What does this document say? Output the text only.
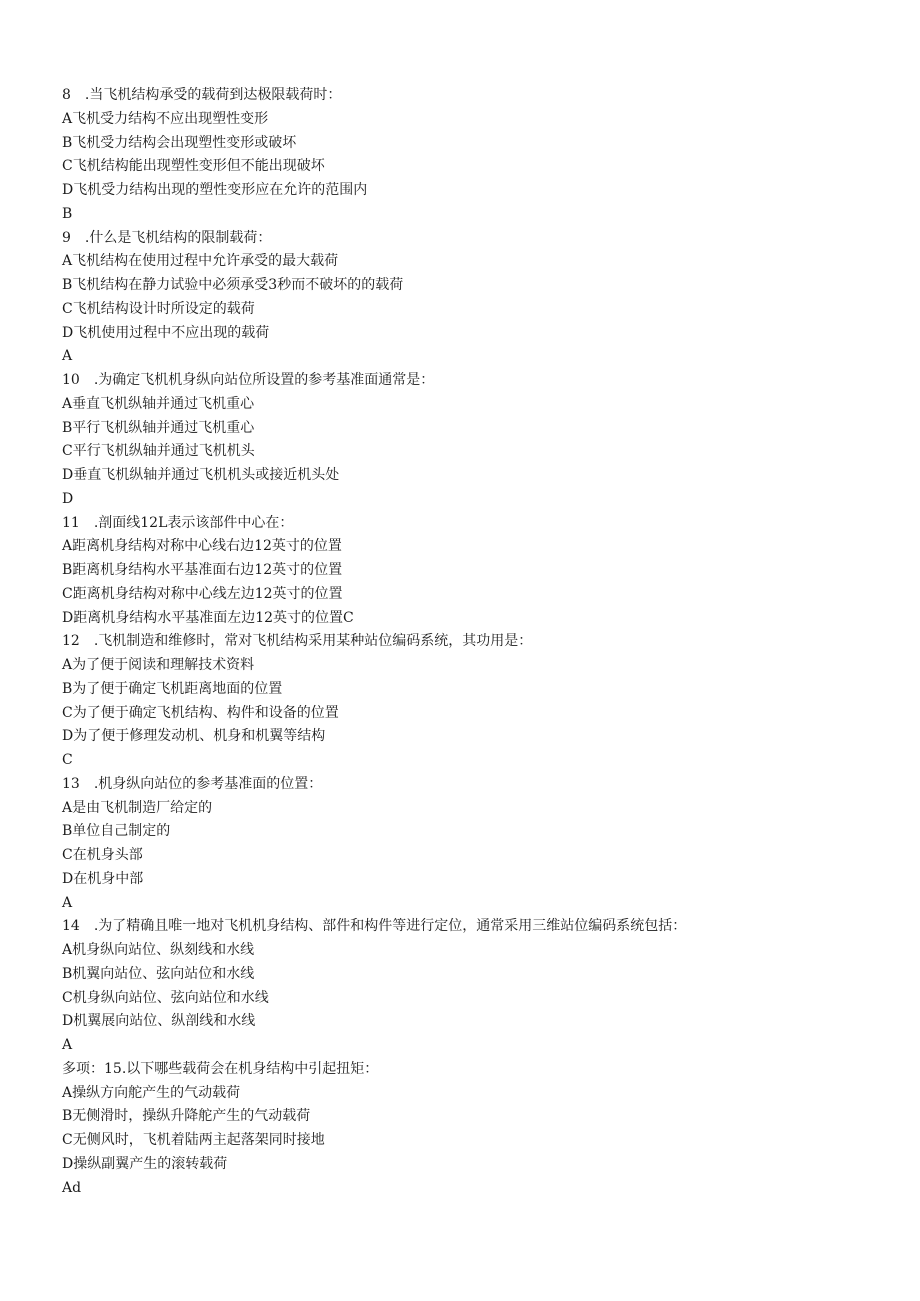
8　.当飞机结构承受的载荷到达极限载荷时：
A飞机受力结构不应出现塑性变形
B飞机受力结构会出现塑性变形或破坏
C飞机结构能出现塑性变形但不能出现破坏
D飞机受力结构出现的塑性变形应在允许的范围内
B
9　.什么是飞机结构的限制载荷：
A飞机结构在使用过程中允许承受的最大载荷
B飞机结构在静力试验中必须承受3秒而不破坏的的载荷
C飞机结构设计时所设定的载荷
D飞机使用过程中不应出现的载荷
A
10　.为确定飞机机身纵向站位所设置的参考基准面通常是：
A垂直飞机纵轴并通过飞机重心
B平行飞机纵轴并通过飞机重心
C平行飞机纵轴并通过飞机机头
D垂直飞机纵轴并通过飞机机头或接近机头处
D
11　.剖面线12L表示该部件中心在：
A距离机身结构对称中心线右边12英寸的位置
B距离机身结构水平基准面右边12英寸的位置
C距离机身结构对称中心线左边12英寸的位置
D距离机身结构水平基准面左边12英寸的位置C
12　.飞机制造和维修时，常对飞机结构采用某种站位编码系统，其功用是：
A为了便于阅读和理解技术资料
B为了便于确定飞机距离地面的位置
C为了便于确定飞机结构、构件和设备的位置
D为了便于修理发动机、机身和机翼等结构
C
13　.机身纵向站位的参考基准面的位置：
A是由飞机制造厂给定的
B单位自己制定的
C在机身头部
D在机身中部
A
14　.为了精确且唯一地对飞机机身结构、部件和构件等进行定位，通常采用三维站位编码系统包括：
A机身纵向站位、纵刻线和水线
B机翼向站位、弦向站位和水线
C机身纵向站位、弦向站位和水线
D机翼展向站位、纵剖线和水线
A
多项：15.以下哪些载荷会在机身结构中引起扭矩：
A操纵方向舵产生的气动载荷
B无侧滑时，操纵升降舵产生的气动载荷
C无侧风时，飞机着陆两主起落架同时接地
D操纵副翼产生的滚转载荷
Ad
